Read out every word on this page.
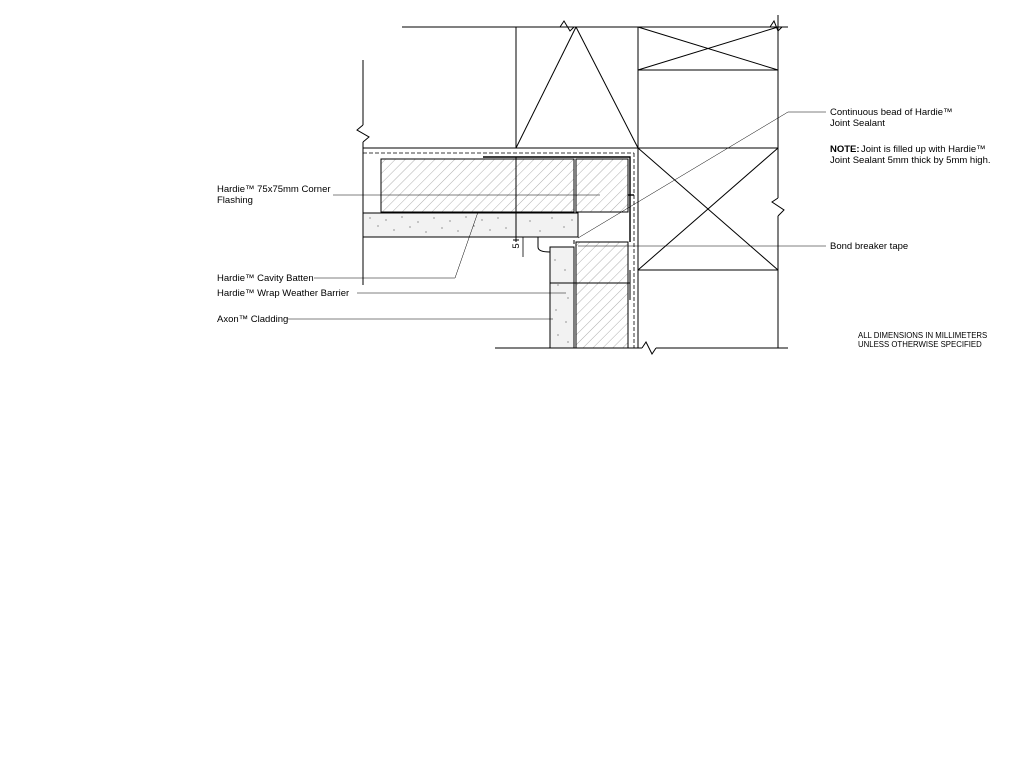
5
Hardie™ 75x75mm Corner
Flashing
Hardie™ Cavity Batten
Hardie™ Wrap Weather Barrier
Axon™ Cladding
Continuous bead of Hardie™
Joint Sealant
NOTE: Joint is filled up with Hardie™
Joint Sealant 5mm thick by 5mm high.
Bond breaker tape
ALL DIMENSIONS IN MILLIMETERS
UNLESS OTHERWISE SPECIFIED
